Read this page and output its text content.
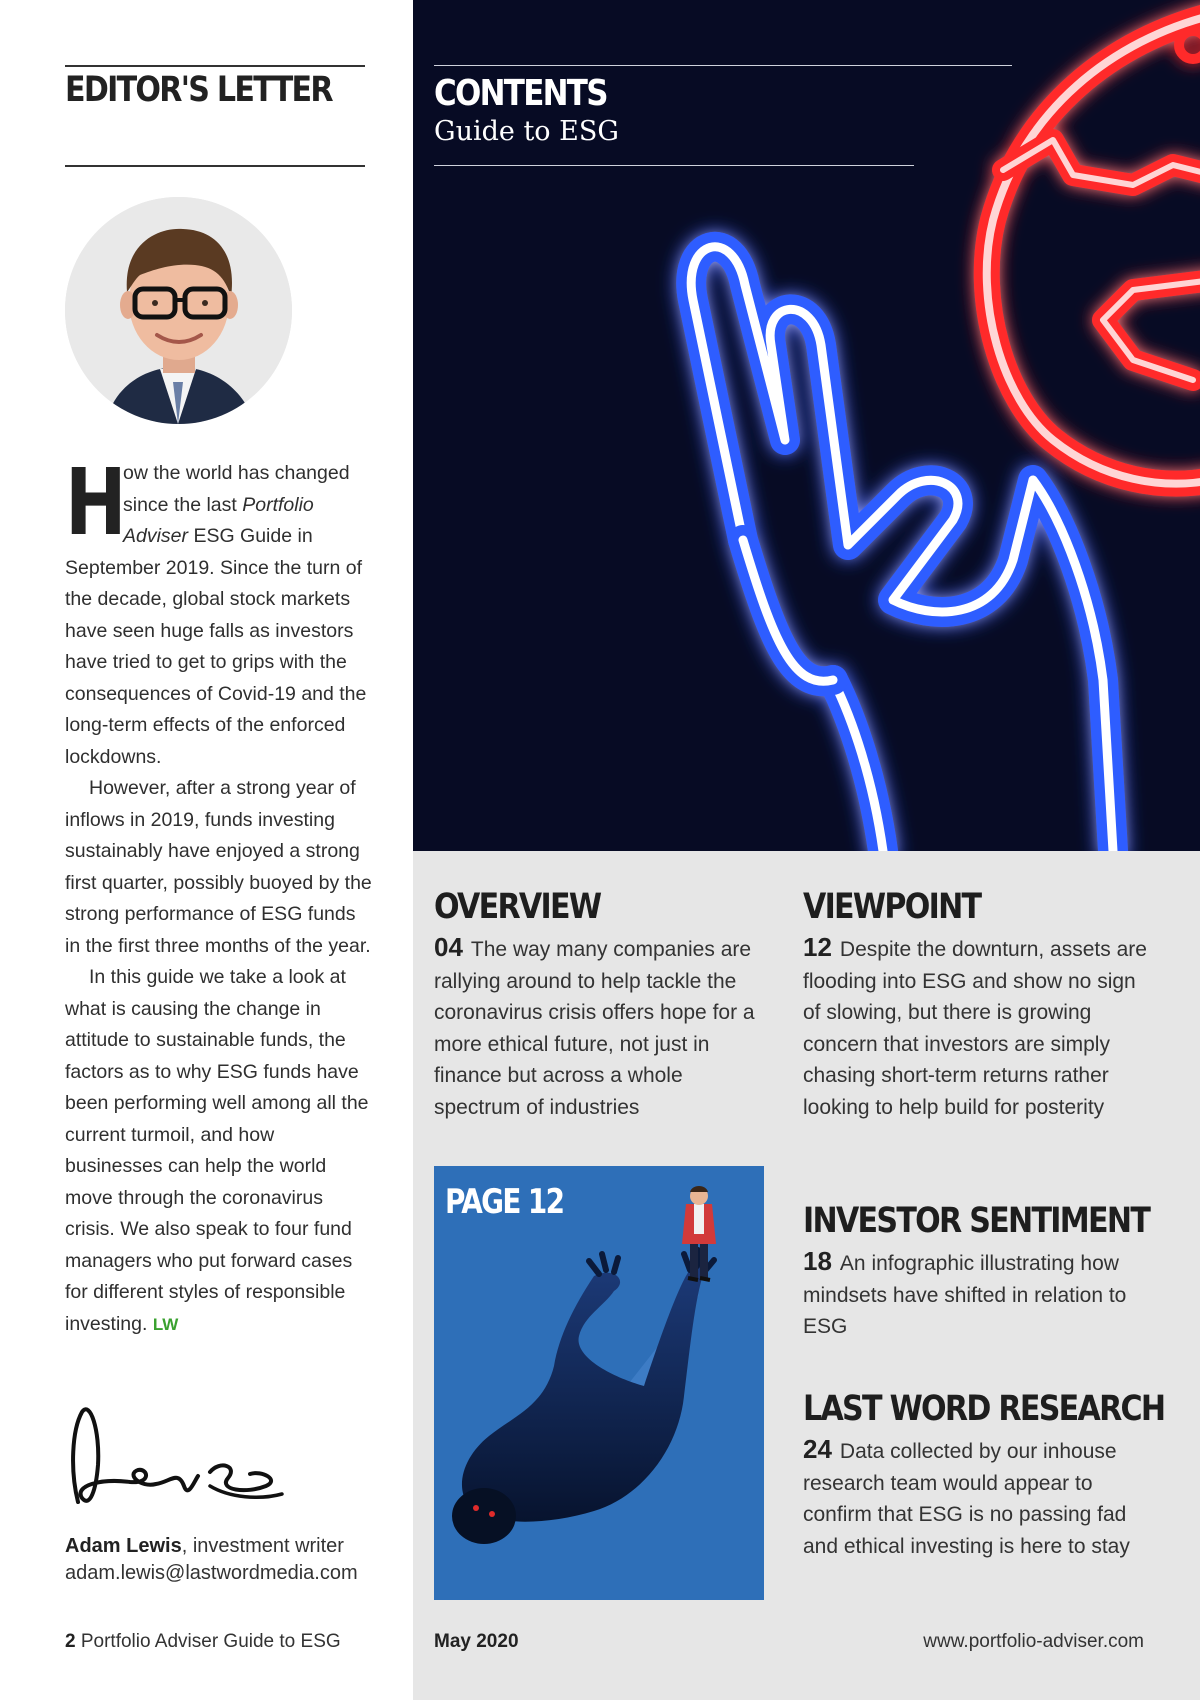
EDITOR'S LETTER

H
ow the world has changed since the last Portfolio Adviser ESG Guide in September 2019. Since the turn of the decade, global stock markets have seen huge falls as investors have tried to get to grips with the consequences of Covid-19 and the long-term effects of the enforced lockdowns.

However, after a strong year of inflows in 2019, funds investing sustainably have enjoyed a strong first quarter, possibly buoyed by the strong performance of ESG funds in the first three months of the year.

In this guide we take a look at what is causing the change in attitude to sustainable funds, the factors as to why ESG funds have been performing well among all the current turmoil, and how businesses can help the world move through the coronavirus crisis. We also speak to four fund managers who put forward cases for different styles of responsible investing. LW

Adam Lewis, investment writer
adam.lewis@lastwordmedia.com
2 Portfolio Adviser Guide to ESG
CONTENTS
Guide to ESG
OVERVIEW
04 The way many companies are rallying around to help tackle the coronavirus crisis offers hope for a more ethical future, not just in finance but across a whole spectrum of industries
VIEWPOINT
12 Despite the downturn, assets are flooding into ESG and show no sign of slowing, but there is growing concern that investors are simply chasing short-term returns rather looking to help build for posterity
PAGE 12	INVESTOR SENTIMENT
18 An infographic illustrating how mindsets have shifted in relation to ESG
LAST WORD RESEARCH
24 Data collected by our inhouse research team would appear to confirm that ESG is no passing fad and ethical investing is here to stay
May 2020	www.portfolio-adviser.com
